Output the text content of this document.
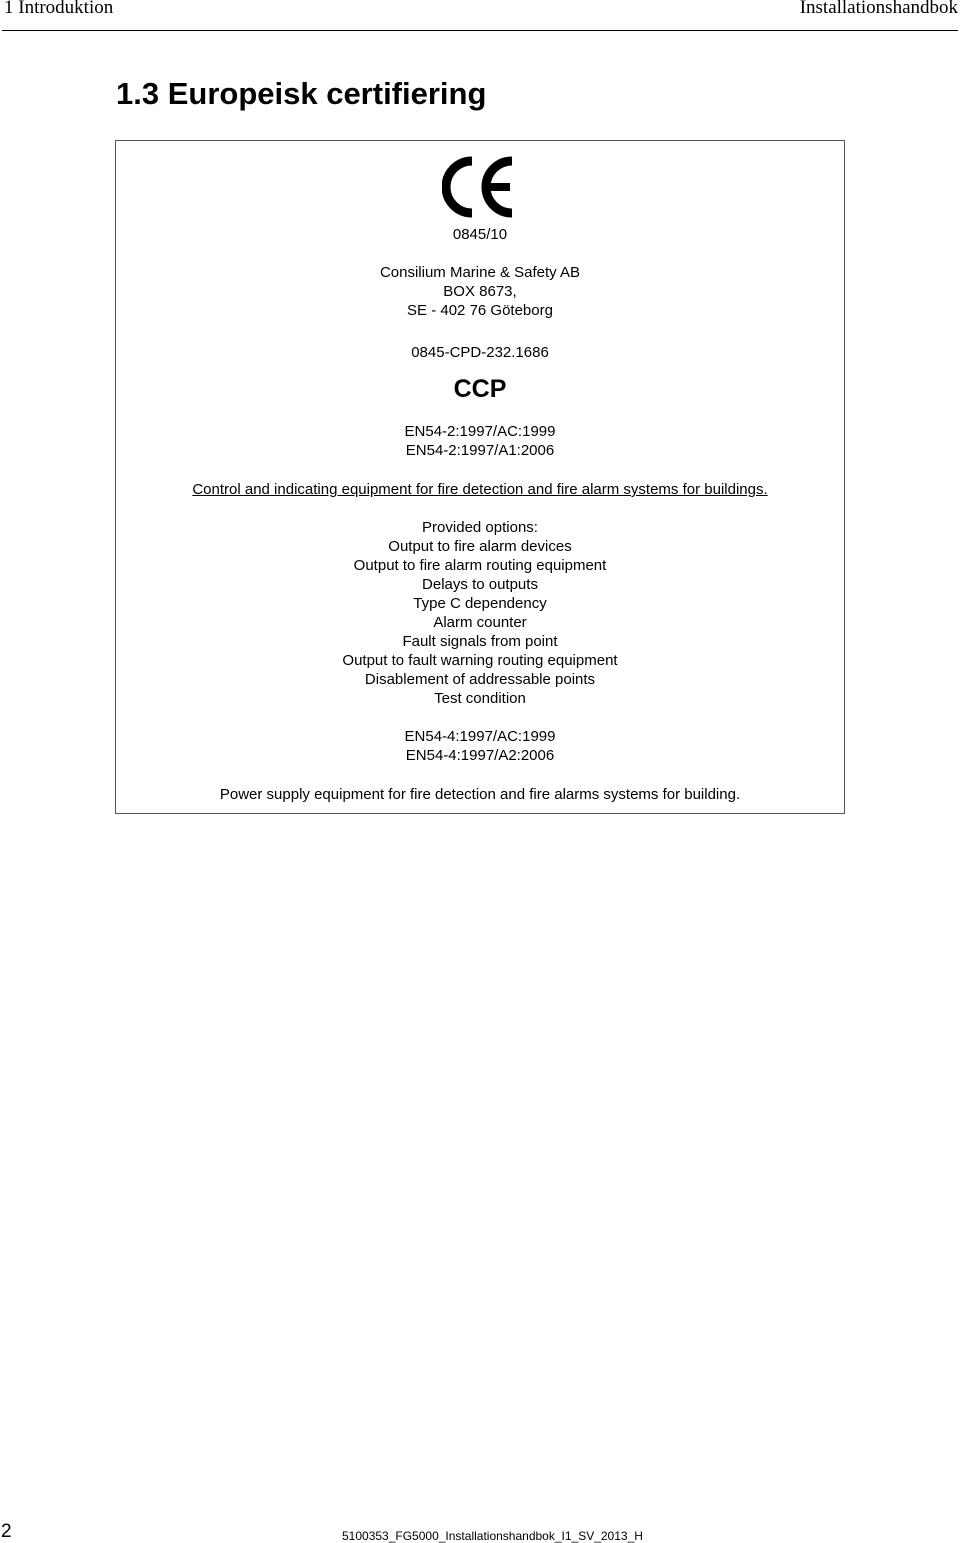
1 Introduktion	Installationshandbok
1.3 Europeisk certifiering
0845/10
Consilium Marine & Safety AB
BOX 8673,
SE - 402 76 Göteborg
0845-CPD-232.1686
CCP
EN54-2:1997/AC:1999
EN54-2:1997/A1:2006
Control and indicating equipment for fire detection and fire alarm systems for buildings.
Provided options:
Output to fire alarm devices
Output to fire alarm routing equipment
Delays to outputs
Type C dependency
Alarm counter
Fault signals from point
Output to fault warning routing equipment
Disablement of addressable points
Test condition
EN54-4:1997/AC:1999
EN54-4:1997/A2:2006
Power supply equipment for fire detection and fire alarms systems for building.
2	5100353_FG5000_Installationshandbok_I1_SV_2013_H
